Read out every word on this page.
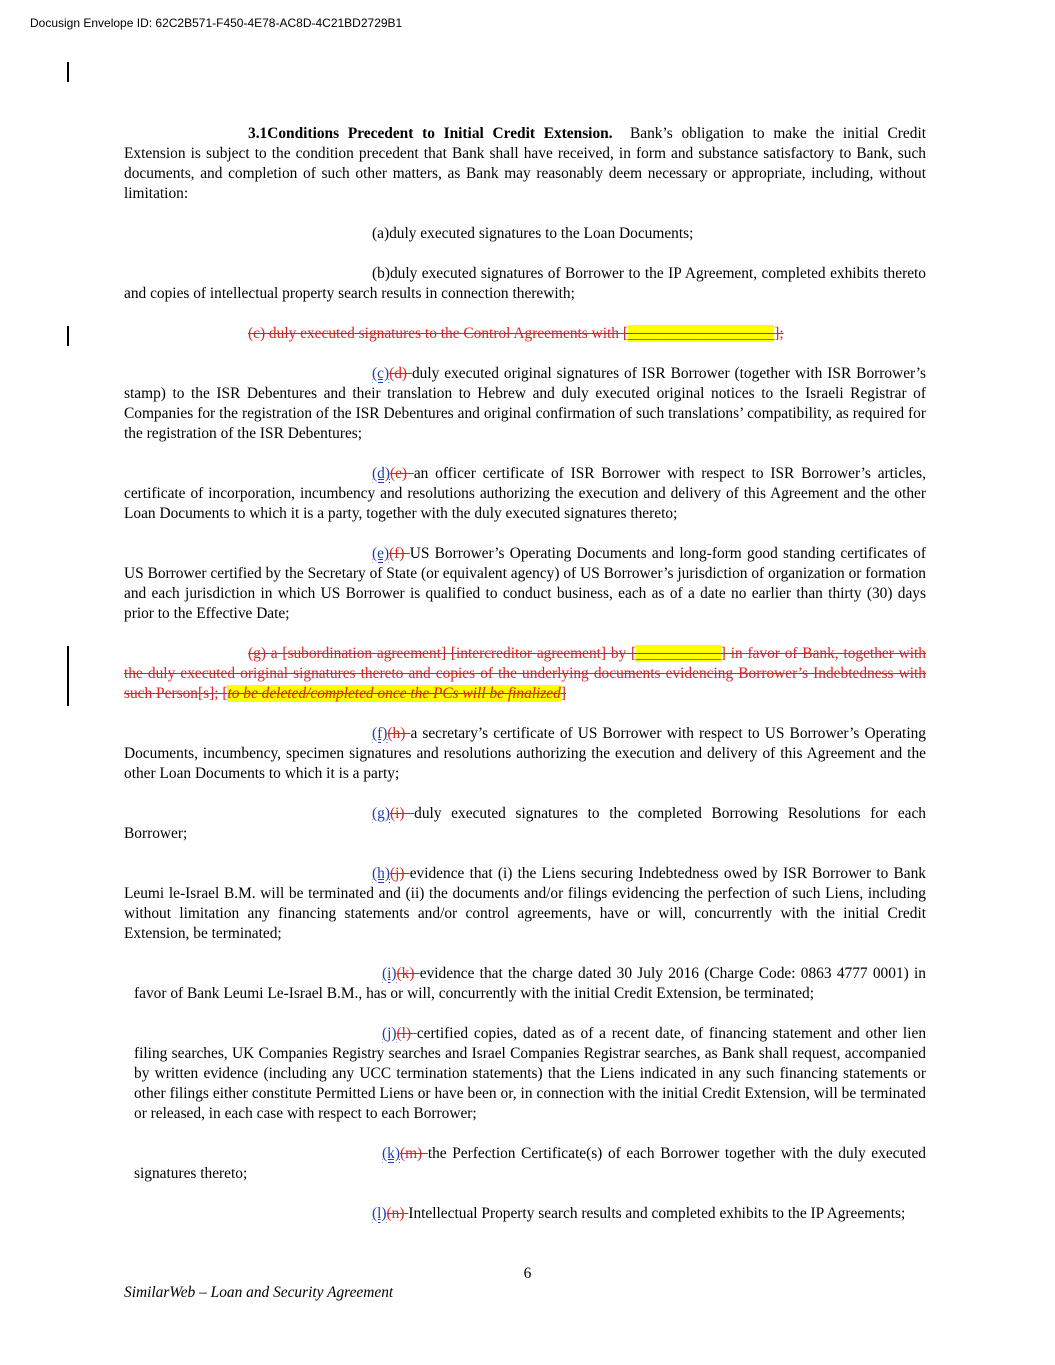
Docusign Envelope ID: 62C2B571-F450-4E78-AC8D-4C21BD2729B1

3.1Conditions Precedent to Initial Credit Extension. Bank’s obligation to make the initial Credit Extension is subject to the condition precedent that Bank shall have received, in form and substance satisfactory to Bank, such documents, and completion of such other matters, as Bank may reasonably deem necessary or appropriate, including, without limitation:

(a)duly executed signatures to the Loan Documents;

(b)duly executed signatures of Borrower to the IP Agreement, completed exhibits thereto and copies of intellectual property search results in connection therewith;

(c) duly executed signatures to the Control Agreements with [___________________];

(c)(d) duly executed original signatures of ISR Borrower (together with ISR Borrower’s stamp) to the ISR Debentures and their translation to Hebrew and duly executed original notices to the Israeli Registrar of Companies for the registration of the ISR Debentures and original confirmation of such translations’ compatibility, as required for the registration of the ISR Debentures;

(d)(e) an officer certificate of ISR Borrower with respect to ISR Borrower’s articles, certificate of incorporation, incumbency and resolutions authorizing the execution and delivery of this Agreement and the other Loan Documents to which it is a party, together with the duly executed signatures thereto;

(e)(f) US Borrower’s Operating Documents and long-form good standing certificates of US Borrower certified by the Secretary of State (or equivalent agency) of US Borrower’s jurisdiction of organization or formation and each jurisdiction in which US Borrower is qualified to conduct business, each as of a date no earlier than thirty (30) days prior to the Effective Date;

(g) a [subordination agreement] [intercreditor agreement] by [___________] in favor of Bank, together with the duly executed original signatures thereto and copies of the underlying documents evidencing Borrower’s Indebtedness with such Person[s]; [to be deleted/completed once the PCs will be finalized]

(f)(h) a secretary’s certificate of US Borrower with respect to US Borrower’s Operating Documents, incumbency, specimen signatures and resolutions authorizing the execution and delivery of this Agreement and the other Loan Documents to which it is a party;

(g)(i) duly executed signatures to the completed Borrowing Resolutions for each Borrower;

(h)(j) evidence that (i) the Liens securing Indebtedness owed by ISR Borrower to Bank Leumi le-Israel B.M. will be terminated and (ii) the documents and/or filings evidencing the perfection of such Liens, including without limitation any financing statements and/or control agreements, have or will, concurrently with the initial Credit Extension, be terminated;

(i)(k) evidence that the charge dated 30 July 2016 (Charge Code: 0863 4777 0001) in favor of Bank Leumi Le-Israel B.M., has or will, concurrently with the initial Credit Extension, be terminated;

(j)(l) certified copies, dated as of a recent date, of financing statement and other lien filing searches, UK Companies Registry searches and Israel Companies Registrar searches, as Bank shall request, accompanied by written evidence (including any UCC termination statements) that the Liens indicated in any such financing statements or other filings either constitute Permitted Liens or have been or, in connection with the initial Credit Extension, will be terminated or released, in each case with respect to each Borrower;

(k)(m) the Perfection Certificate(s) of each Borrower together with the duly executed signatures thereto;

(l)(n) Intellectual Property search results and completed exhibits to the IP Agreements;

6
SimilarWeb – Loan and Security Agreement
